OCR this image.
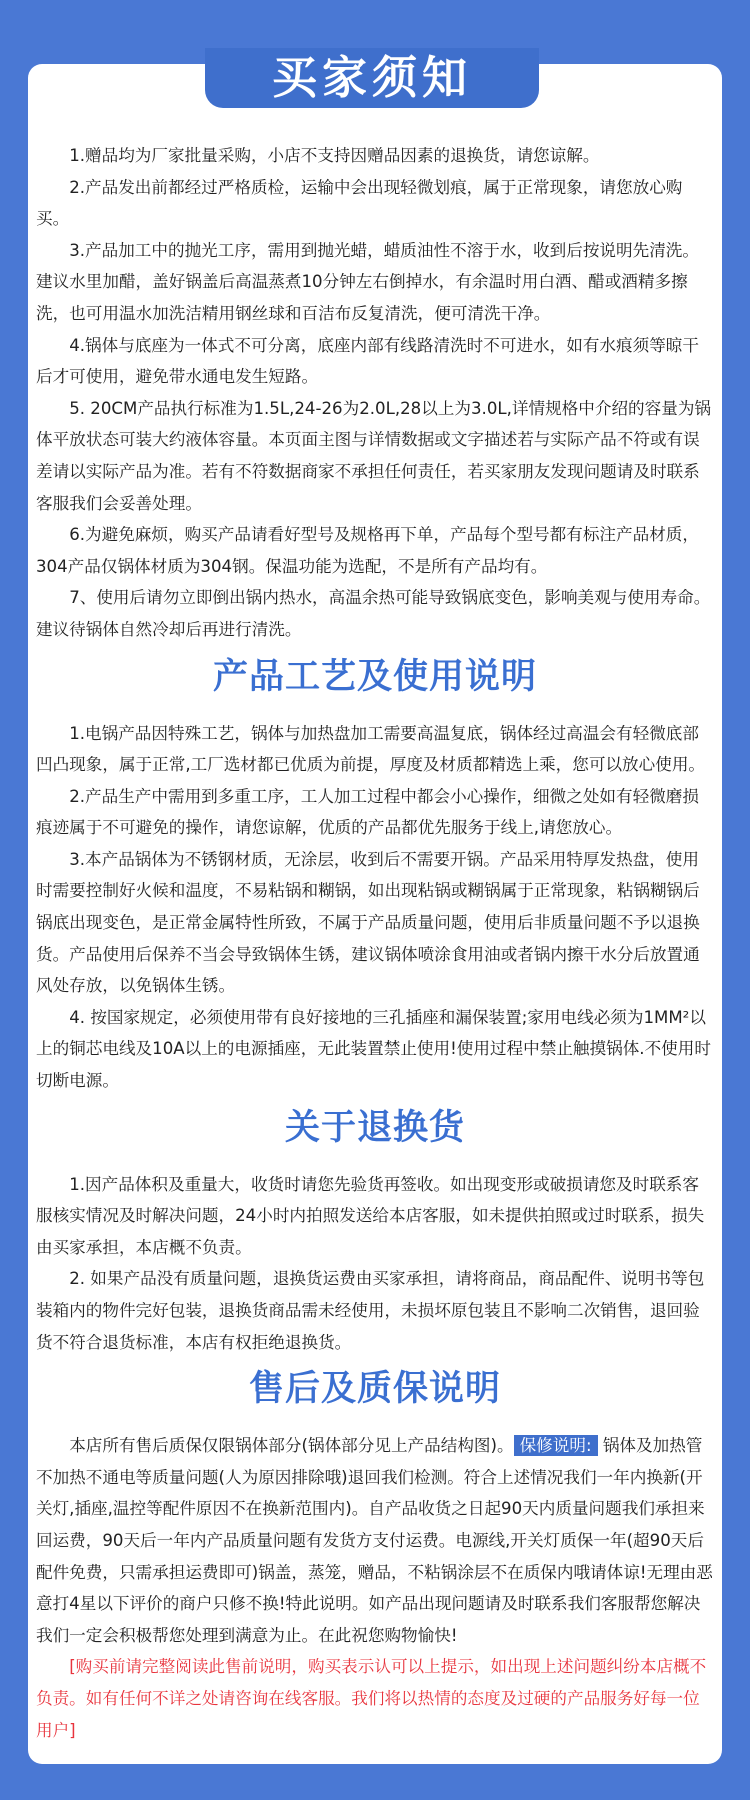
买家须知

1.赠品均为厂家批量采购，小店不支持因赠品因素的退换货，请您谅解。

2.产品发出前都经过严格质检，运输中会出现轻微划痕，属于正常现象，请您放心购买。

3.产品加工中的抛光工序，需用到抛光蜡，蜡质油性不溶于水，收到后按说明先清洗。建议水里加醋，盖好锅盖后高温蒸煮10分钟左右倒掉水，有余温时用白酒、醋或酒精多擦洗，也可用温水加洗洁精用钢丝球和百洁布反复清洗，便可清洗干净。

4.锅体与底座为一体式不可分离，底座内部有线路清洗时不可进水，如有水痕须等晾干后才可使用，避免带水通电发生短路。

5. 20CM产品执行标准为1.5L,24-26为2.0L,28以上为3.0L,详情规格中介绍的容量为锅体平放状态可装大约液体容量。本页面主图与详情数据或文字描述若与实际产品不符或有误差请以实际产品为准。若有不符数据商家不承担任何责任，若买家朋友发现问题请及时联系客服我们会妥善处理。

6.为避免麻烦，购买产品请看好型号及规格再下单，产品每个型号都有标注产品材质，304产品仅锅体材质为304钢。保温功能为选配，不是所有产品均有。

7、使用后请勿立即倒出锅内热水，高温余热可能导致锅底变色，影响美观与使用寿命。建议待锅体自然冷却后再进行清洗。

产品工艺及使用说明

1.电锅产品因特殊工艺，锅体与加热盘加工需要高温复底，锅体经过高温会有轻微底部凹凸现象，属于正常,工厂选材都已优质为前提，厚度及材质都精选上乘，您可以放心使用。

2.产品生产中需用到多重工序，工人加工过程中都会小心操作，细微之处如有轻微磨损痕迹属于不可避免的操作，请您谅解，优质的产品都优先服务于线上,请您放心。

3.本产品锅体为不锈钢材质，无涂层，收到后不需要开锅。产品采用特厚发热盘，使用时需要控制好火候和温度，不易粘锅和糊锅，如出现粘锅或糊锅属于正常现象，粘锅糊锅后锅底出现变色，是正常金属特性所致，不属于产品质量问题，使用后非质量问题不予以退换货。产品使用后保养不当会导致锅体生锈，建议锅体喷涂食用油或者锅内擦干水分后放置通风处存放，以免锅体生锈。

4. 按国家规定，必须使用带有良好接地的三孔插座和漏保装置;家用电线必须为1MM²以上的铜芯电线及10A以上的电源插座，无此装置禁止使用!使用过程中禁止触摸锅体.不使用时切断电源。

关于退换货

1.因产品体积及重量大，收货时请您先验货再签收。如出现变形或破损请您及时联系客服核实情况及时解决问题，24小时内拍照发送给本店客服，如未提供拍照或过时联系，损失由买家承担，本店概不负责。

2. 如果产品没有质量问题，退换货运费由买家承担，请将商品，商品配件、说明书等包装箱内的物件完好包装，退换货商品需未经使用，未损坏原包装且不影响二次销售，退回验货不符合退货标准，本店有权拒绝退换货。

售后及质保说明

本店所有售后质保仅限锅体部分(锅体部分见上产品结构图)。 保修说明: 锅体及加热管不加热不通电等质量问题(人为原因排除哦)退回我们检测。符合上述情况我们一年内换新(开关灯,插座,温控等配件原因不在换新范围内)。自产品收货之日起90天内质量问题我们承担来回运费，90天后一年内产品质量问题有发货方支付运费。电源线,开关灯质保一年(超90天后配件免费，只需承担运费即可)锅盖，蒸笼，赠品，不粘锅涂层不在质保内哦请体谅!无理由恶意打4星以下评价的商户只修不换!特此说明。如产品出现问题请及时联系我们客服帮您解决我们一定会积极帮您处理到满意为止。在此祝您购物愉快!

[购买前请完整阅读此售前说明，购买表示认可以上提示，如出现上述问题纠纷本店概不负责。如有任何不详之处请咨询在线客服。我们将以热情的态度及过硬的产品服务好每一位用户]
